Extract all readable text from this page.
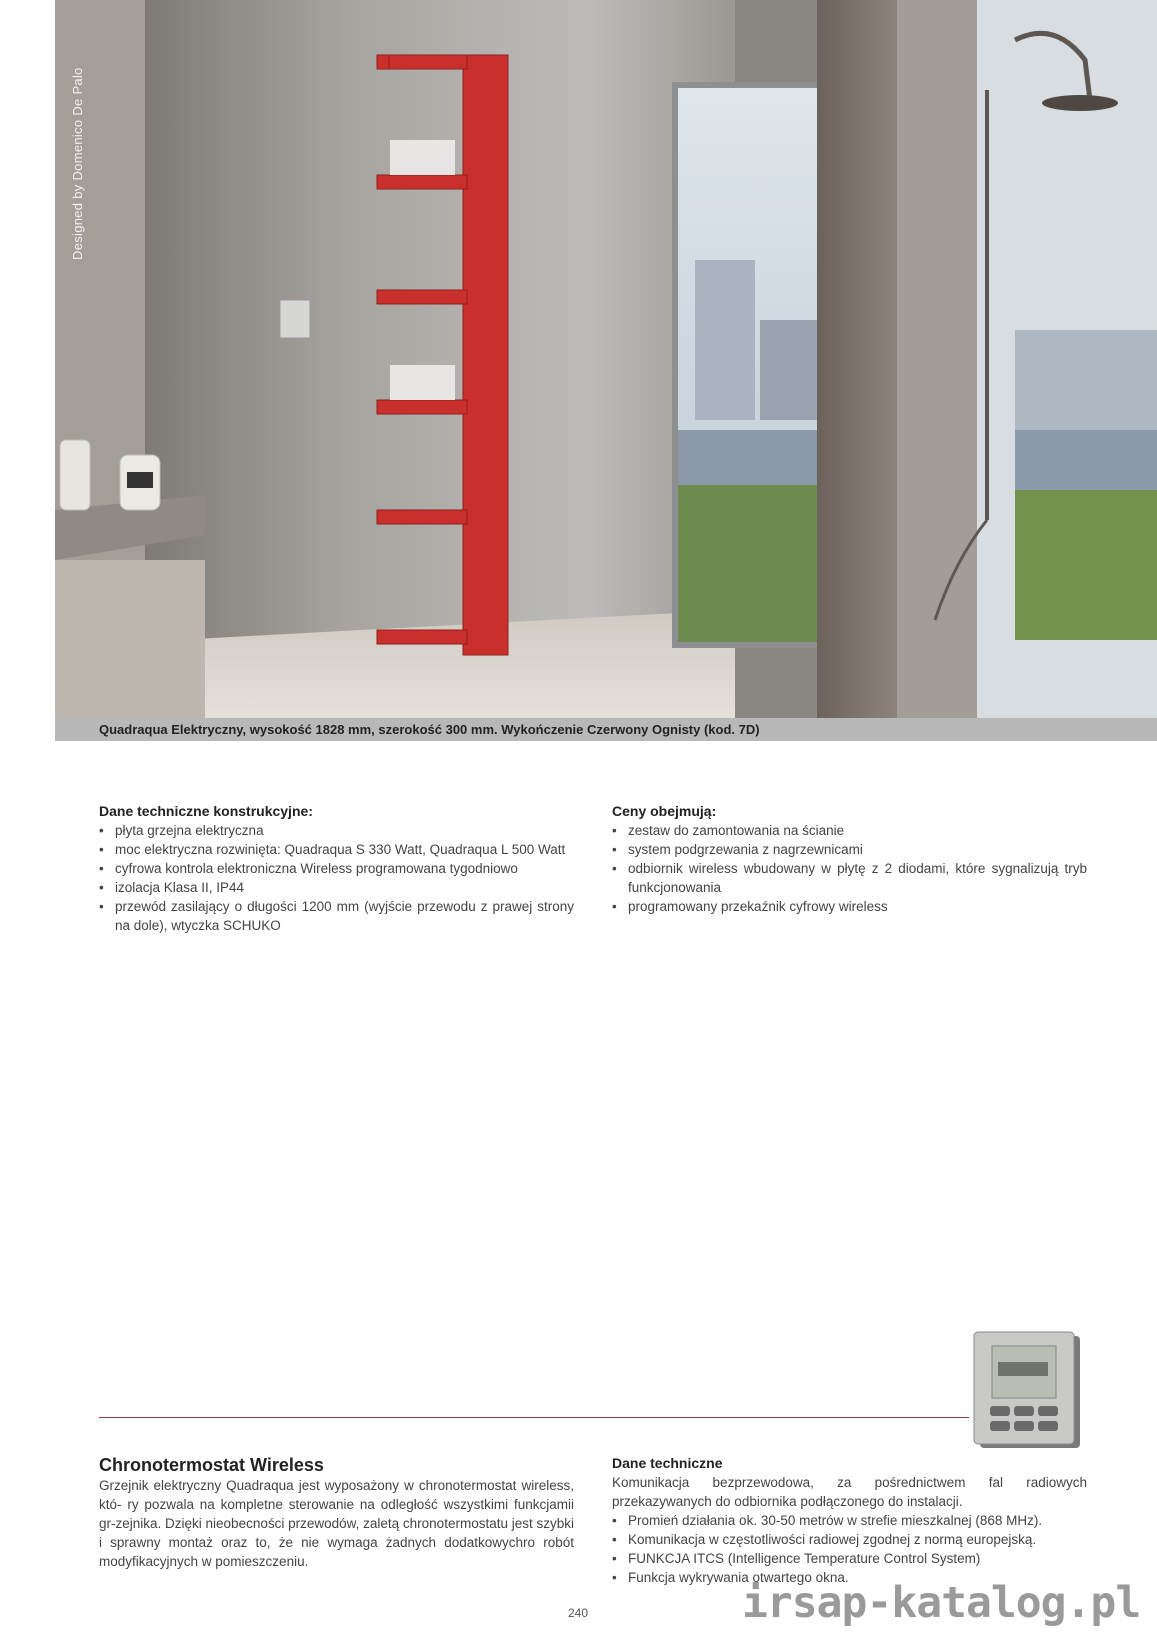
Designed by Domenico De Palo
Quadraqua Elektryczny, wysokość 1828 mm, szerokość 300 mm. Wykończenie Czerwony Ognisty (kod. 7D)
Dane techniczne konstrukcyjne:
• płyta grzejna elektryczna
• moc elektryczna rozwinięta: Quadraqua S 330 Watt, Quadraqua L 500 Watt
• cyfrowa kontrola elektroniczna Wireless programowana tygodniowo
• izolacja Klasa II, IP44
• przewód zasilający o długości 1200 mm (wyjście przewodu z prawej strony na dole), wtyczka SCHUKO
Ceny obejmują:
• zestaw do zamontowania na ścianie
• system podgrzewania z nagrzewnicami
• odbiornik wireless wbudowany w płytę z 2 diodami, które sygnalizują tryb funkcjonowania
• programowany przekaźnik cyfrowy wireless
Chronotermostat Wireless

Grzejnik elektryczny Quadraqua jest wyposażony w chronotermostat wireless, któ- ry pozwala na kompletne sterowanie na odległość wszystkimi funkcjamii gr-zejnika. Dzięki nieobecności przewodów, zaletą chronotermostatu jest szybki i sprawny montaż oraz to, że nie wymaga żadnych dodatkowychro robót modyfikacyjnych w pomieszczeniu.

Dane techniczne

Komunikacja bezprzewodowa, za pośrednictwem fal radiowych przekazywanych do odbiornika podłączonego do instalacji.

• Promień działania ok. 30-50 metrów w strefie mieszkalnej (868 MHz).
• Komunikacja w częstotliwości radiowej zgodnej z normą europejską.
• FUNKCJA ITCS (Intelligence Temperature Control System)
• Funkcja wykrywania otwartego okna.
240	irsap-katalog.pl
